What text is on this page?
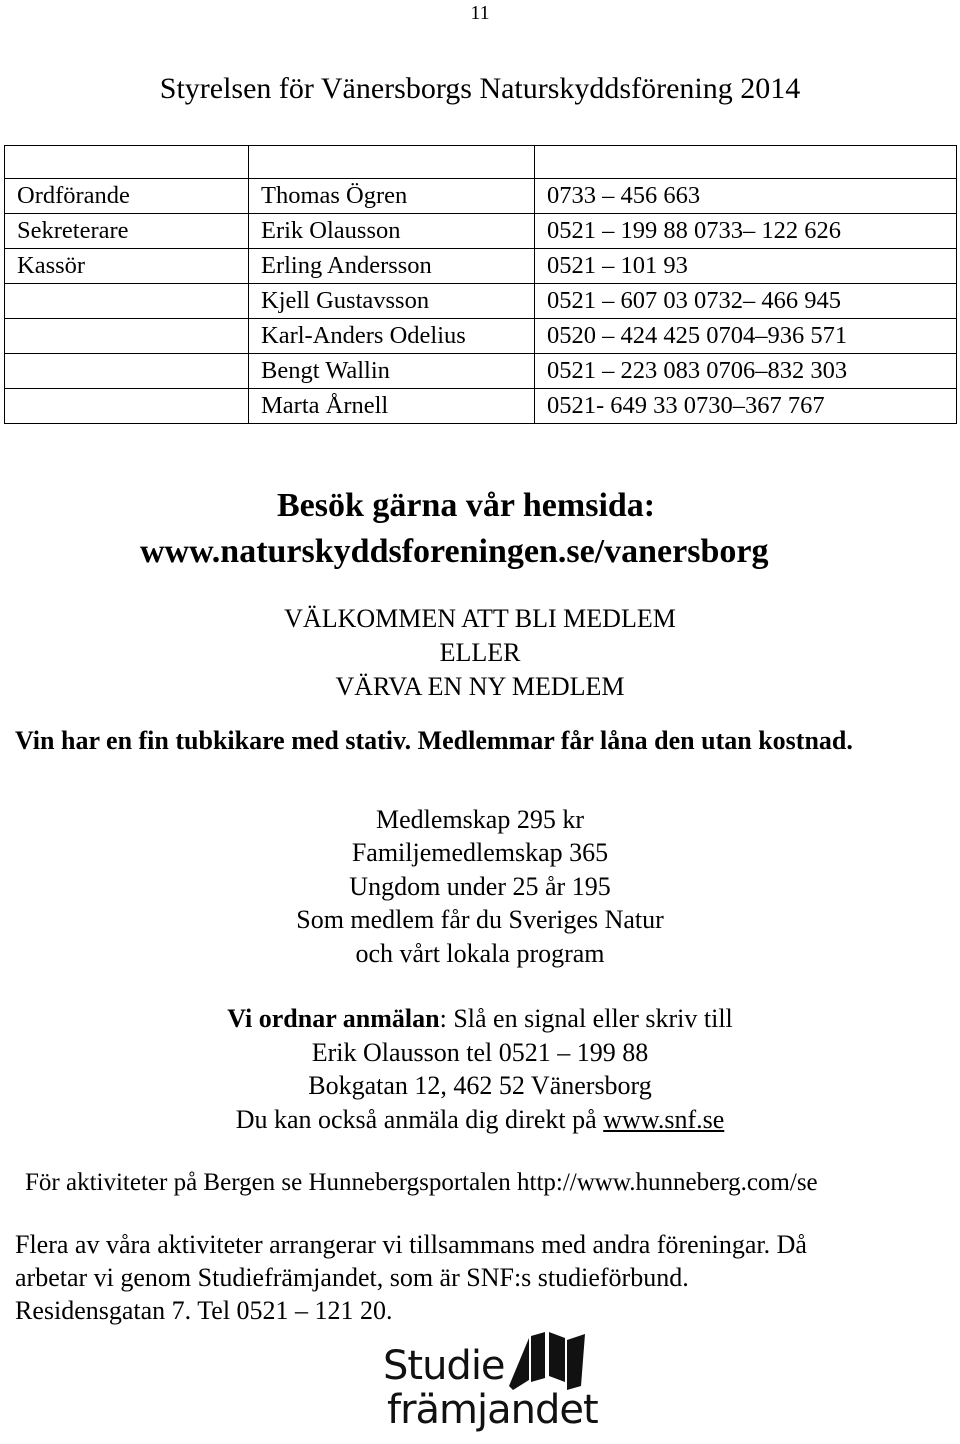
11
Styrelsen för Vänersborgs Naturskyddsförening 2014

Ordförande	Thomas Ögren	0733 – 456 663
Sekreterare	Erik Olausson	0521 – 199 88 0733– 122 626
Kassör	Erling Andersson	0521 – 101 93
	Kjell Gustavsson	0521 – 607 03 0732– 466 945
	Karl-Anders Odelius	0520 – 424 425 0704–936 571
	Bengt Wallin	0521 – 223 083 0706–832 303
	Marta Årnell	0521- 649 33 0730–367 767
Besök gärna vår hemsida:
www.naturskyddsforeningen.se/vanersborg
VÄLKOMMEN ATT BLI MEDLEM
ELLER
VÄRVA EN NY MEDLEM
Vin har en fin tubkikare med stativ. Medlemmar får låna den utan kostnad.
Medlemskap 295 kr
Familjemedlemskap 365
Ungdom under 25 år 195
Som medlem får du Sveriges Natur
och vårt lokala program
Vi ordnar anmälan: Slå en signal eller skriv till
Erik Olausson tel 0521 – 199 88
Bokgatan 12, 462 52 Vänersborg
Du kan också anmäla dig direkt på www.snf.se
För aktiviteter på Bergen se Hunnebergsportalen http://www.hunneberg.com/se
Flera av våra aktiviteter arrangerar vi tillsammans med andra föreningar. Då
arbetar vi genom Studiefrämjandet, som är SNF:s studieförbund.
Residensgatan 7. Tel 0521 – 121 20.
Studie
främjandet
